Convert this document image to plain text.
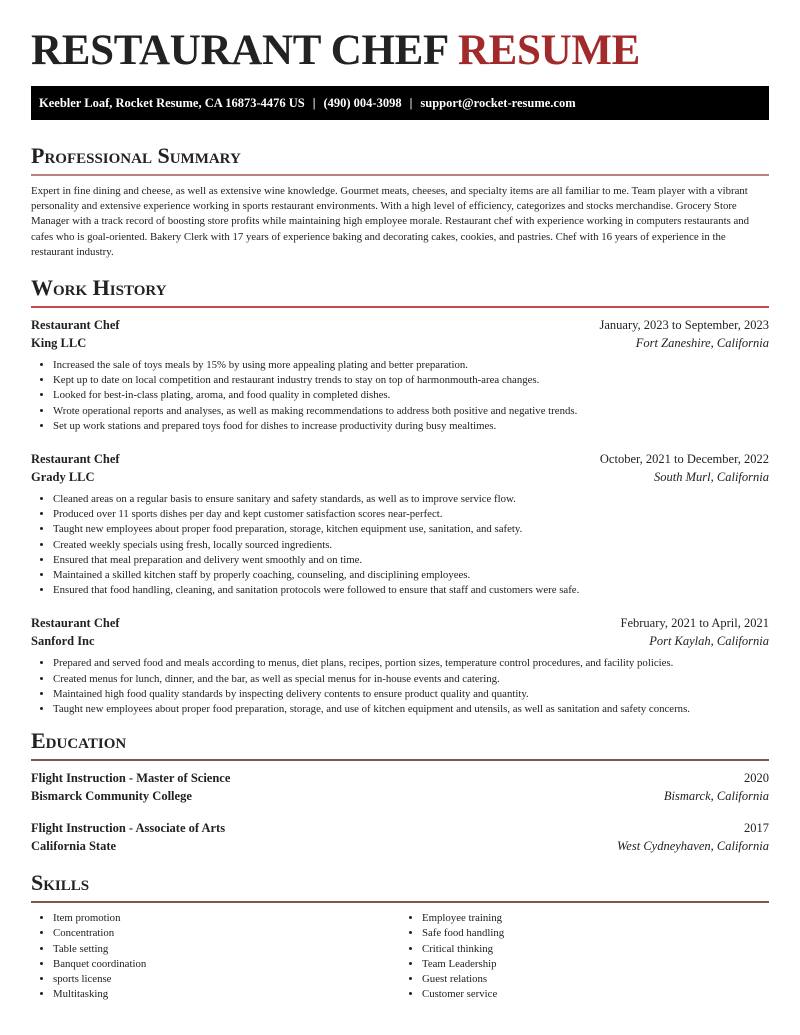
RESTAURANT CHEF RESUME
Keebler Loaf, Rocket Resume, CA 16873-4476 US | (490) 004-3098 | support@rocket-resume.com
Professional Summary

Expert in fine dining and cheese, as well as extensive wine knowledge. Gourmet meats, cheeses, and specialty items are all familiar to me. Team player with a vibrant personality and extensive experience working in sports restaurant environments. With a high level of efficiency, categorizes and stocks merchandise. Grocery Store Manager with a track record of boosting store profits while maintaining high employee morale. Restaurant chef with experience working in computers restaurants and cafes who is goal-oriented. Bakery Clerk with 17 years of experience baking and decorating cakes, cookies, and pastries. Chef with 16 years of experience in the restaurant industry.

Work History
Restaurant Chef	January, 2023 to September, 2023
King LLC	Fort Zaneshire, California
• Increased the sale of toys meals by 15% by using more appealing plating and better preparation.
• Kept up to date on local competition and restaurant industry trends to stay on top of harmonmouth-area changes.
• Looked for best-in-class plating, aroma, and food quality in completed dishes.
• Wrote operational reports and analyses, as well as making recommendations to address both positive and negative trends.
• Set up work stations and prepared toys food for dishes to increase productivity during busy mealtimes.
Restaurant Chef	October, 2021 to December, 2022
Grady LLC	South Murl, California
• Cleaned areas on a regular basis to ensure sanitary and safety standards, as well as to improve service flow.
• Produced over 11 sports dishes per day and kept customer satisfaction scores near-perfect.
• Taught new employees about proper food preparation, storage, kitchen equipment use, sanitation, and safety.
• Created weekly specials using fresh, locally sourced ingredients.
• Ensured that meal preparation and delivery went smoothly and on time.
• Maintained a skilled kitchen staff by properly coaching, counseling, and disciplining employees.
• Ensured that food handling, cleaning, and sanitation protocols were followed to ensure that staff and customers were safe.
Restaurant Chef	February, 2021 to April, 2021
Sanford Inc	Port Kaylah, California
• Prepared and served food and meals according to menus, diet plans, recipes, portion sizes, temperature control procedures, and facility policies.
• Created menus for lunch, dinner, and the bar, as well as special menus for in-house events and catering.
• Maintained high food quality standards by inspecting delivery contents to ensure product quality and quantity.
• Taught new employees about proper food preparation, storage, and use of kitchen equipment and utensils, as well as sanitation and safety concerns.
Education
Flight Instruction - Master of Science	2020
Bismarck Community College	Bismarck, California
Flight Instruction - Associate of Arts	2017
California State	West Cydneyhaven, California
Skills
• Item promotion
• Concentration
• Table setting
• Banquet coordination
• sports license
• Multitasking
• Employee training
• Safe food handling
• Critical thinking
• Team Leadership
• Guest relations
• Customer service
